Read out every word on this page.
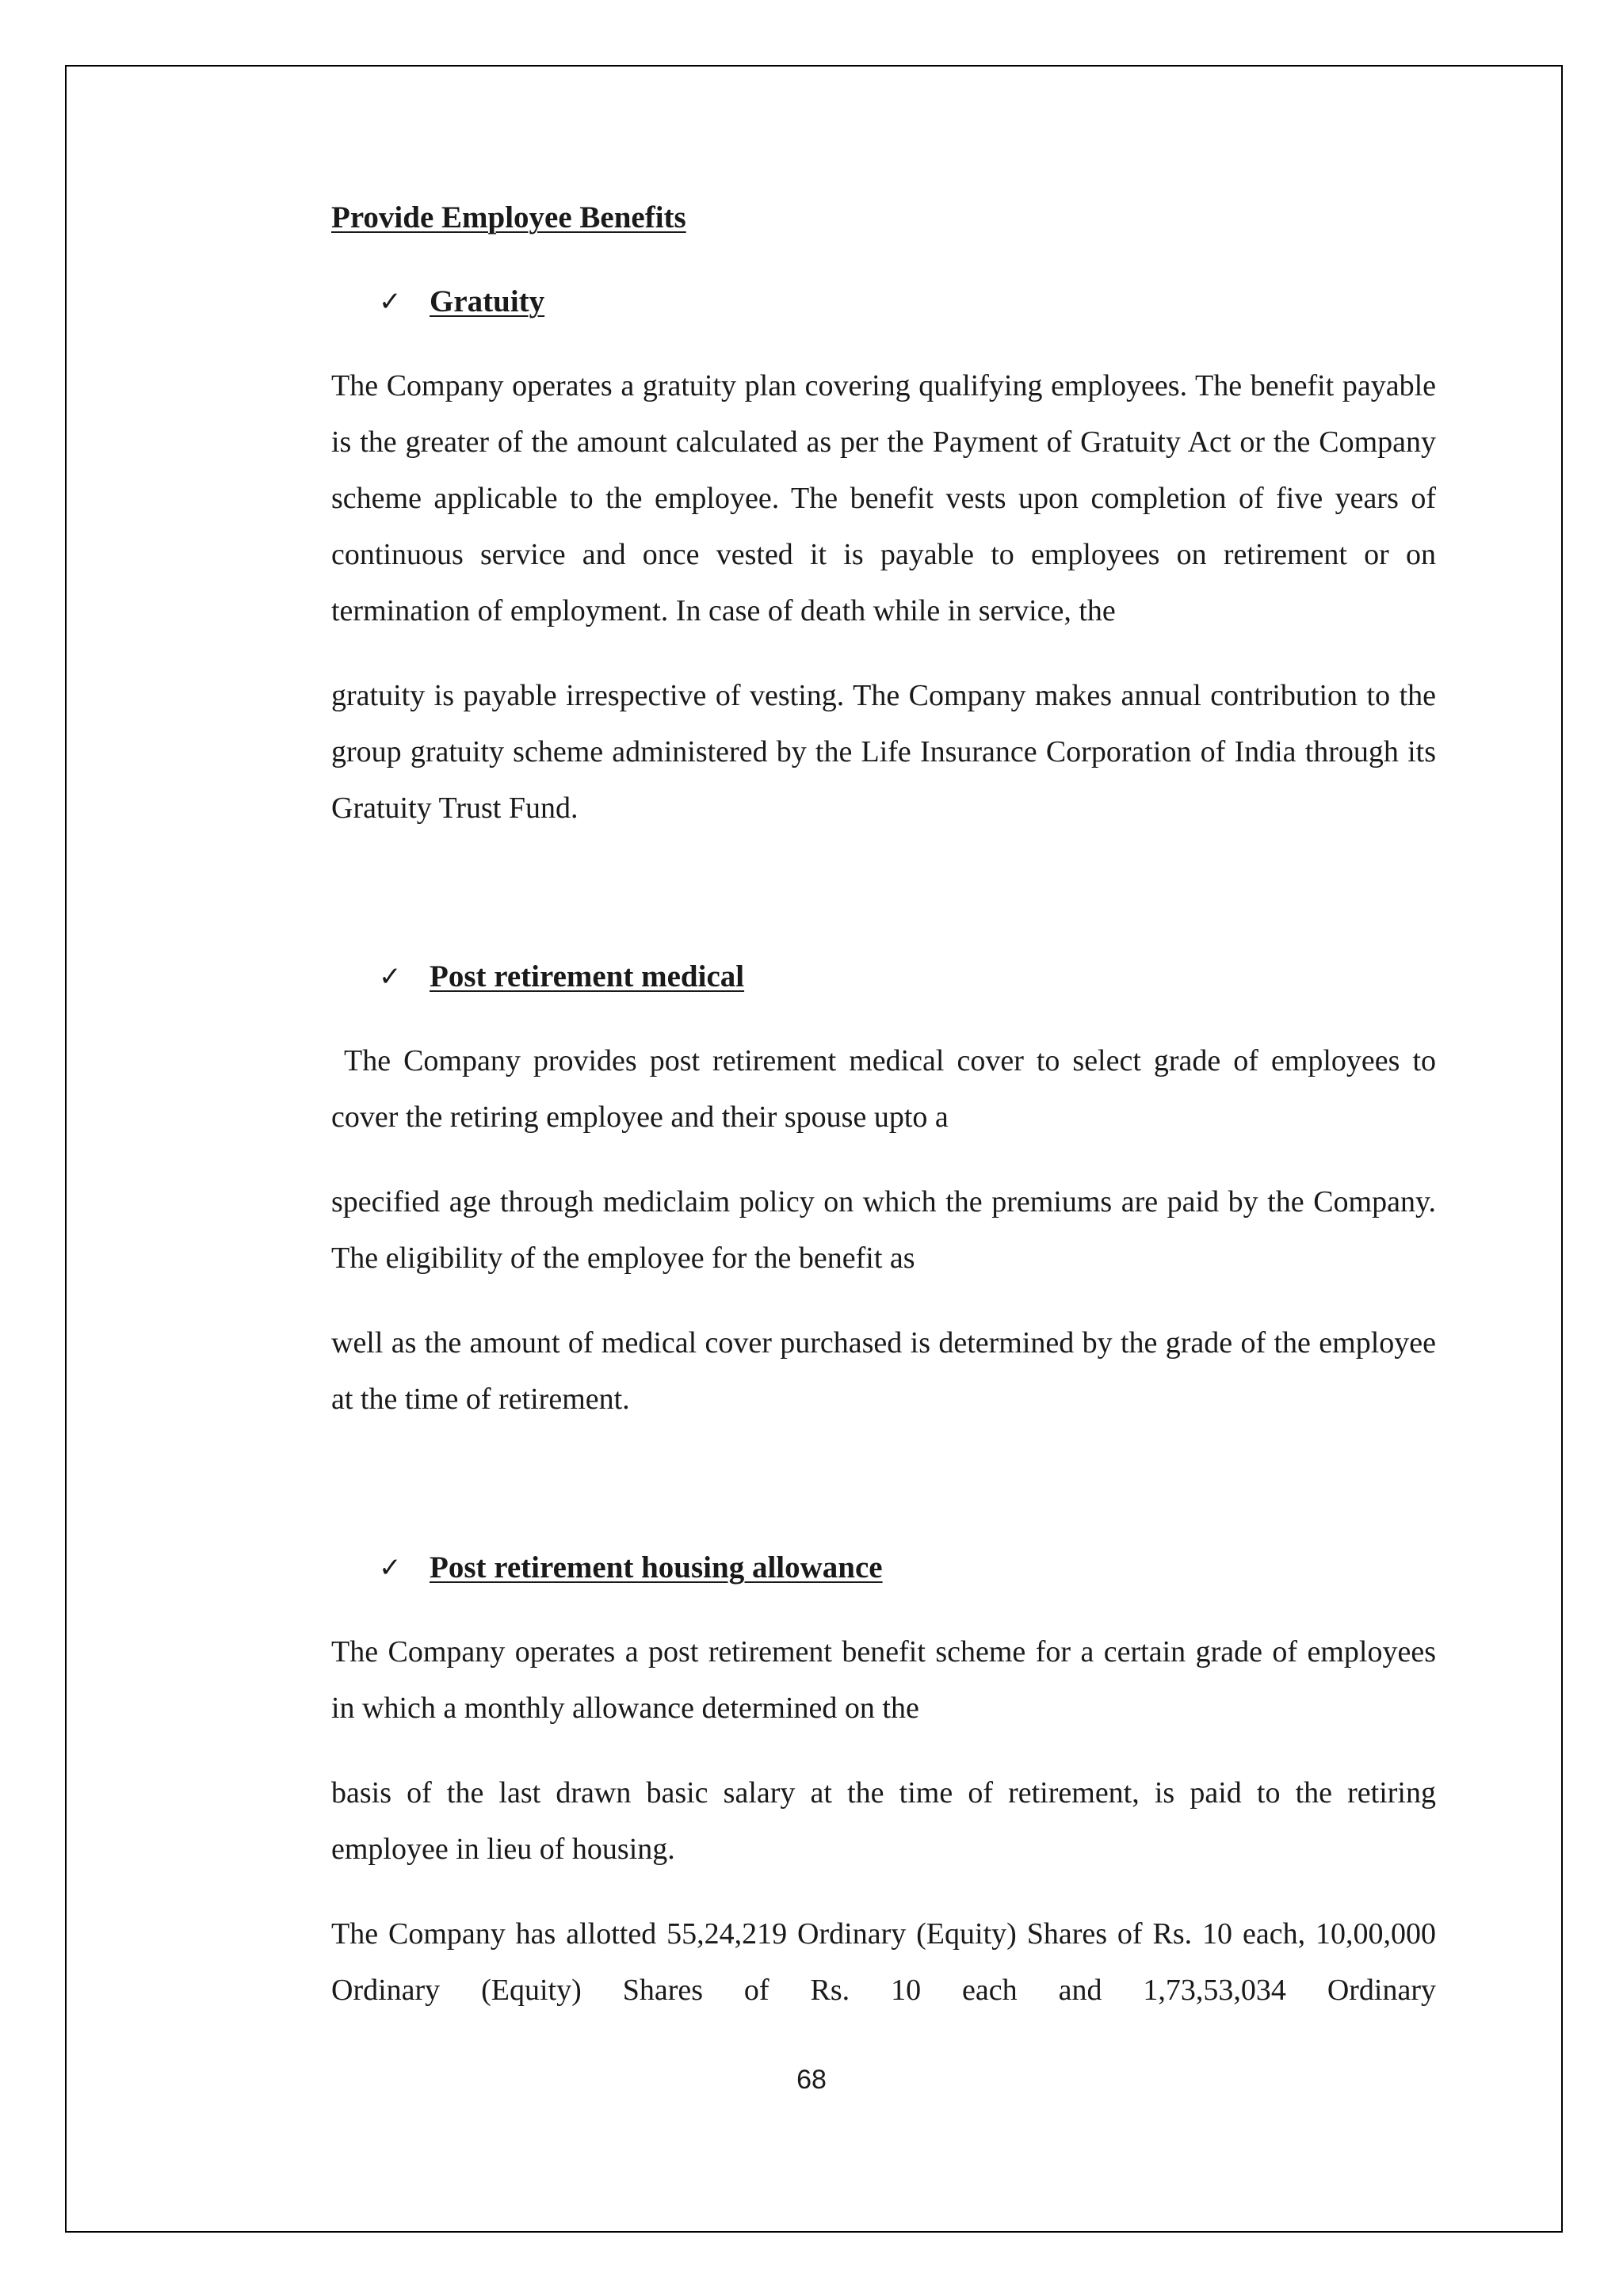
Provide Employee Benefits
✓ Gratuity

The Company operates a gratuity plan covering qualifying employees. The benefit payable is the greater of the amount calculated as per the Payment of Gratuity Act or the Company scheme applicable to the employee. The benefit vests upon completion of five years of continuous service and once vested it is payable to employees on retirement or on termination of employment. In case of death while in service, the

gratuity is payable irrespective of vesting. The Company makes annual contribution to the group gratuity scheme administered by the Life Insurance Corporation of India through its Gratuity Trust Fund.

✓ Post retirement medical

The Company provides post retirement medical cover to select grade of employees to cover the retiring employee and their spouse upto a

specified age through mediclaim policy on which the premiums are paid by the Company. The eligibility of the employee for the benefit as

well as the amount of medical cover purchased is determined by the grade of the employee at the time of retirement.

✓ Post retirement housing allowance

The Company operates a post retirement benefit scheme for a certain grade of employees in which a monthly allowance determined on the

basis of the last drawn basic salary at the time of retirement, is paid to the retiring employee in lieu of housing.

The Company has allotted 55,24,219 Ordinary (Equity) Shares of Rs. 10 each, 10,00,000 Ordinary (Equity) Shares of Rs. 10 each and 1,73,53,034 Ordinary

68
